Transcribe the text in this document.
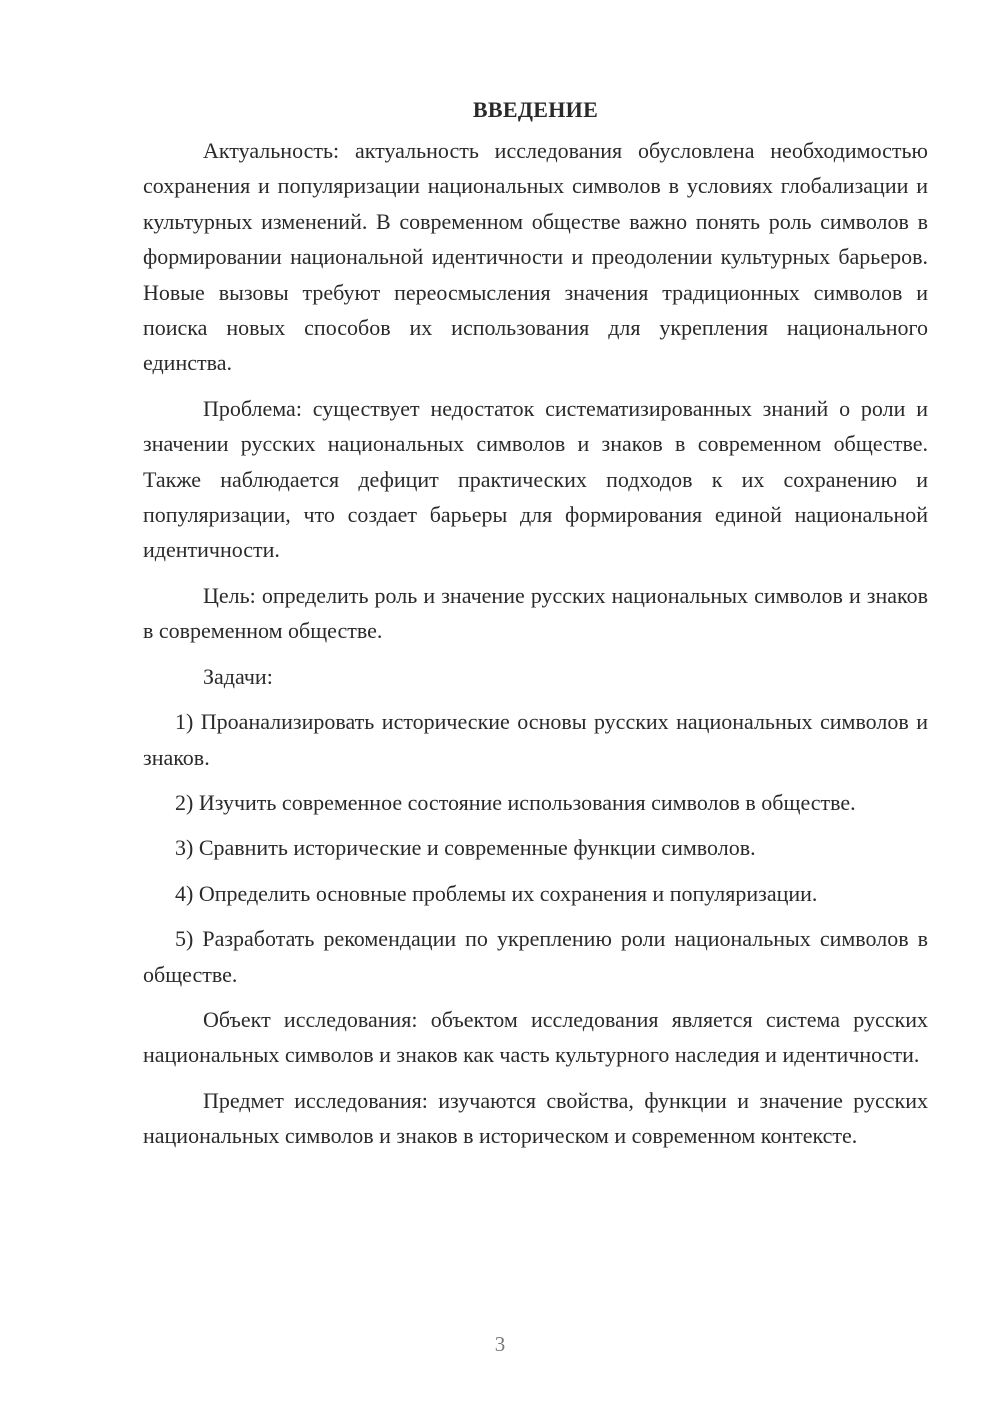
ВВЕДЕНИЕ

Актуальность: актуальность исследования обусловлена необходимостью сохранения и популяризации национальных символов в условиях глобализации и культурных изменений. В современном обществе важно понять роль символов в формировании национальной идентичности и преодолении культурных барьеров. Новые вызовы требуют переосмысления значения традиционных символов и поиска новых способов их использования для укрепления национального единства.

Проблема: существует недостаток систематизированных знаний о роли и значении русских национальных символов и знаков в современном обществе. Также наблюдается дефицит практических подходов к их сохранению и популяризации, что создает барьеры для формирования единой национальной идентичности.

Цель: определить роль и значение русских национальных символов и знаков в современном обществе.

Задачи:

1) Проанализировать исторические основы русских национальных символов и знаков.

2) Изучить современное состояние использования символов в обществе.

3) Сравнить исторические и современные функции символов.

4) Определить основные проблемы их сохранения и популяризации.

5) Разработать рекомендации по укреплению роли национальных символов в обществе.

Объект исследования: объектом исследования является система русских национальных символов и знаков как часть культурного наследия и идентичности.

Предмет исследования: изучаются свойства, функции и значение русских национальных символов и знаков в историческом и современном контексте.

3
